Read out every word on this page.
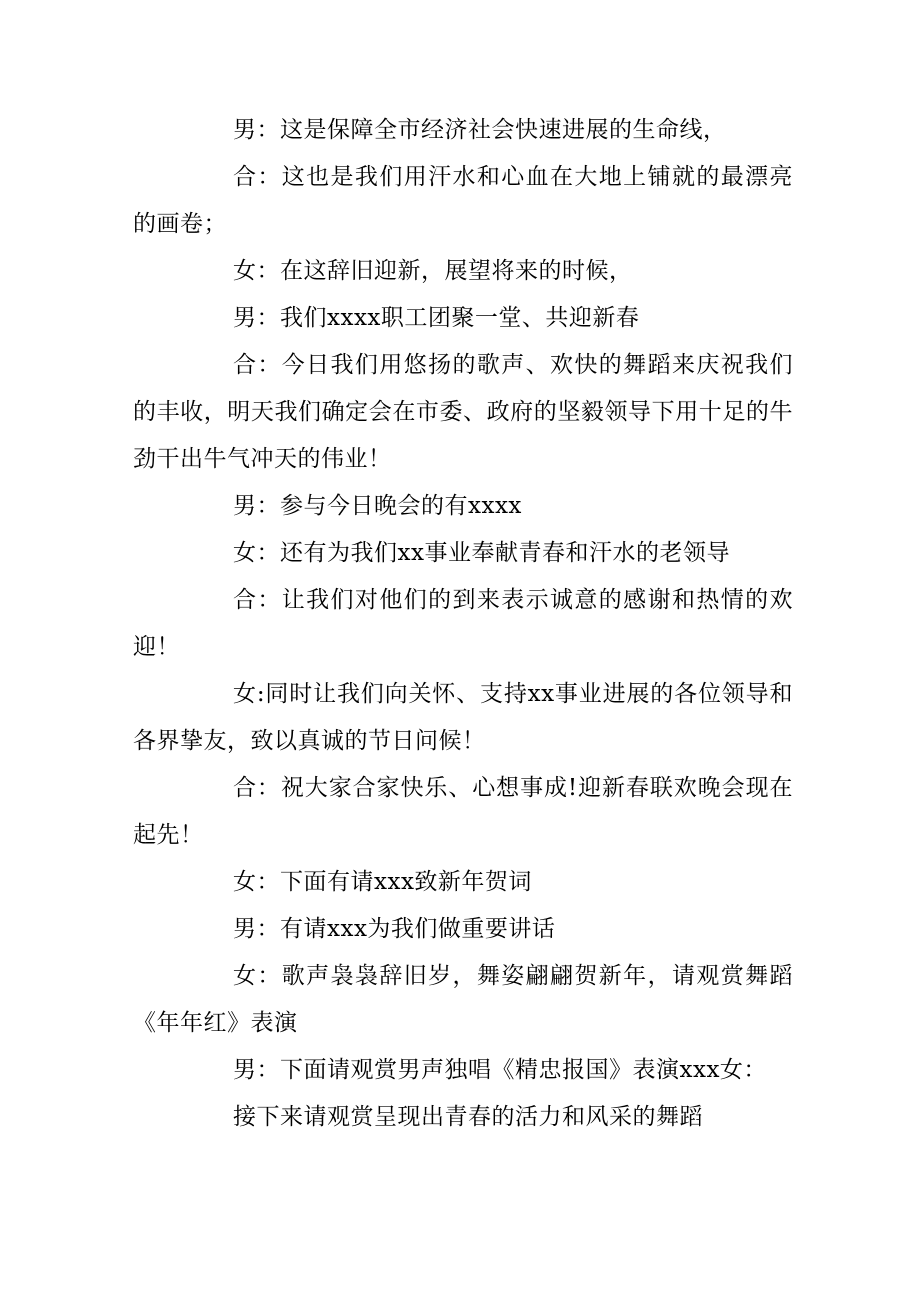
男：这是保障全市经济社会快速进展的生命线，

合：这也是我们用汗水和心血在大地上铺就的最漂亮的画卷；

女：在这辞旧迎新，展望将来的时候，

男：我们xxxx职工团聚一堂、共迎新春

合：今日我们用悠扬的歌声、欢快的舞蹈来庆祝我们的丰收，明天我们确定会在市委、政府的坚毅领导下用十足的牛劲干出牛气冲天的伟业！

男：参与今日晚会的有xxxx

女：还有为我们xx事业奉献青春和汗水的老领导

合：让我们对他们的到来表示诚意的感谢和热情的欢迎！

女:同时让我们向关怀、支持xx事业进展的各位领导和各界挚友，致以真诚的节日问候！

合：祝大家合家快乐、心想事成!迎新春联欢晚会现在起先！

女：下面有请xxx致新年贺词

男：有请xxx为我们做重要讲话

女：歌声袅袅辞旧岁，舞姿翩翩贺新年，请观赏舞蹈《年年红》表演

男：下面请观赏男声独唱《精忠报国》表演xxx女：

接下来请观赏呈现出青春的活力和风采的舞蹈
